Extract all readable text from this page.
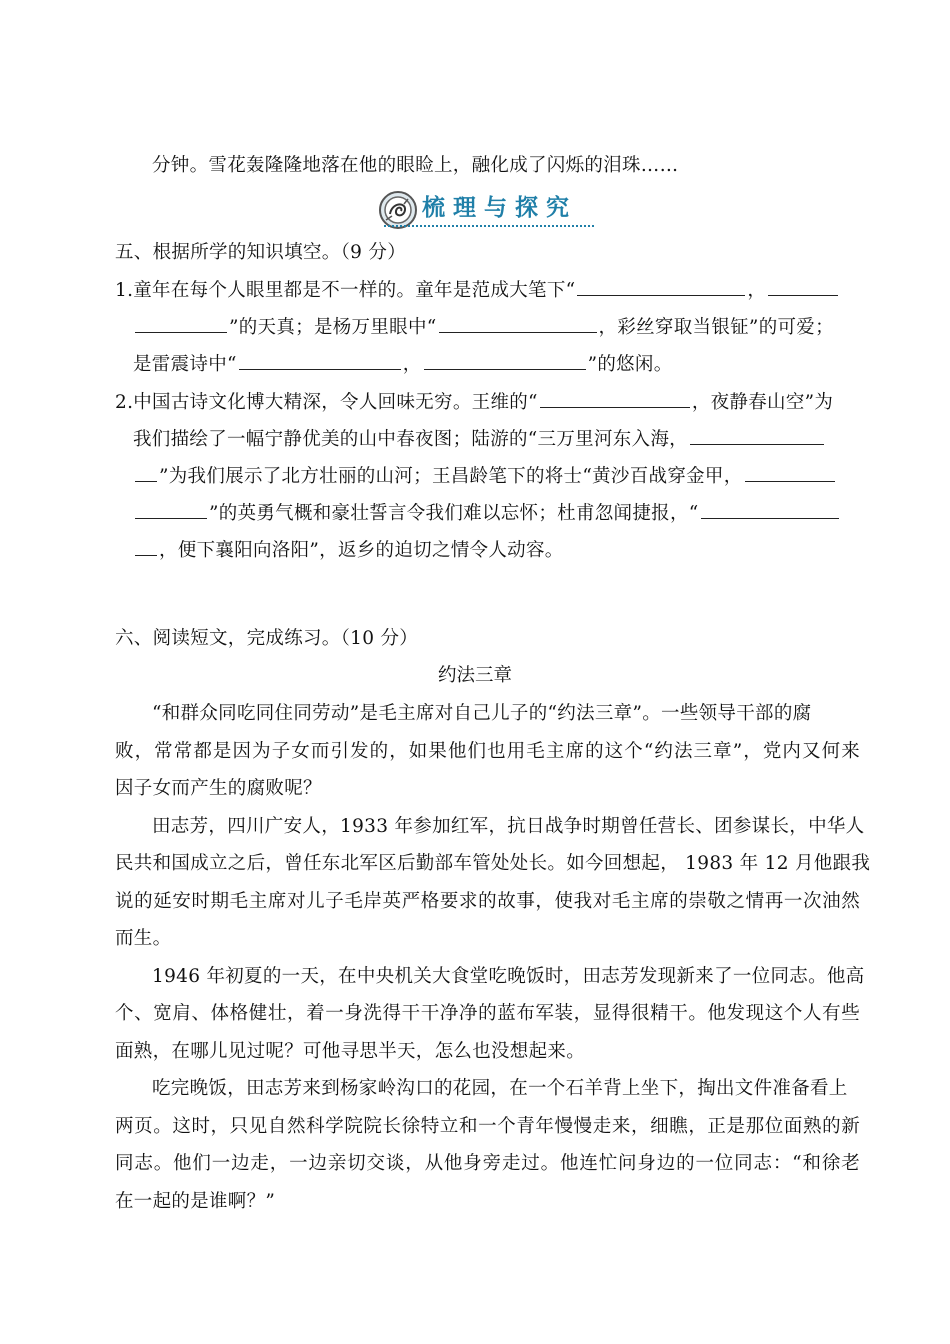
分钟。雪花轰隆隆地落在他的眼睑上，融化成了闪烁的泪珠……
梳理与探究
五、根据所学的知识填空。（9 分）
1.童年在每个人眼里都是不一样的。童年是范成大笔下“	，
”的天真；是杨万里眼中“	，彩丝穿取当银钲”的可爱；
是雷震诗中“	，	”的悠闲。
2.中国古诗文化博大精深，令人回味无穷。王维的“	，夜静春山空”为
我们描绘了一幅宁静优美的山中春夜图；陆游的“三万里河东入海，
”为我们展示了北方壮丽的山河；王昌龄笔下的将士“黄沙百战穿金甲，
”的英勇气概和豪壮誓言令我们难以忘怀；杜甫忽闻捷报，“
，便下襄阳向洛阳”，返乡的迫切之情令人动容。
六、阅读短文，完成练习。（10 分）
约法三章
“和群众同吃同住同劳动”是毛主席对自己儿子的“约法三章”。一些领导干部的腐
败，常常都是因为子女而引发的，如果他们也用毛主席的这个“约法三章”，党内又何来
因子女而产生的腐败呢？
田志芳，四川广安人，1933 年参加红军，抗日战争时期曾任营长、团参谋长，中华人
民共和国成立之后，曾任东北军区后勤部车管处处长。如今回想起， 1983 年 12 月他跟我
说的延安时期毛主席对儿子毛岸英严格要求的故事，使我对毛主席的崇敬之情再一次油然
而生。
1946 年初夏的一天，在中央机关大食堂吃晚饭时，田志芳发现新来了一位同志。他高
个、宽肩、体格健壮，着一身洗得干干净净的蓝布军装，显得很精干。他发现这个人有些
面熟，在哪儿见过呢？可他寻思半天，怎么也没想起来。
吃完晚饭，田志芳来到杨家岭沟口的花园，在一个石羊背上坐下，掏出文件准备看上
两页。这时，只见自然科学院院长徐特立和一个青年慢慢走来，细瞧，正是那位面熟的新
同志。他们一边走，一边亲切交谈，从他身旁走过。他连忙问身边的一位同志：“和徐老
在一起的是谁啊？”
